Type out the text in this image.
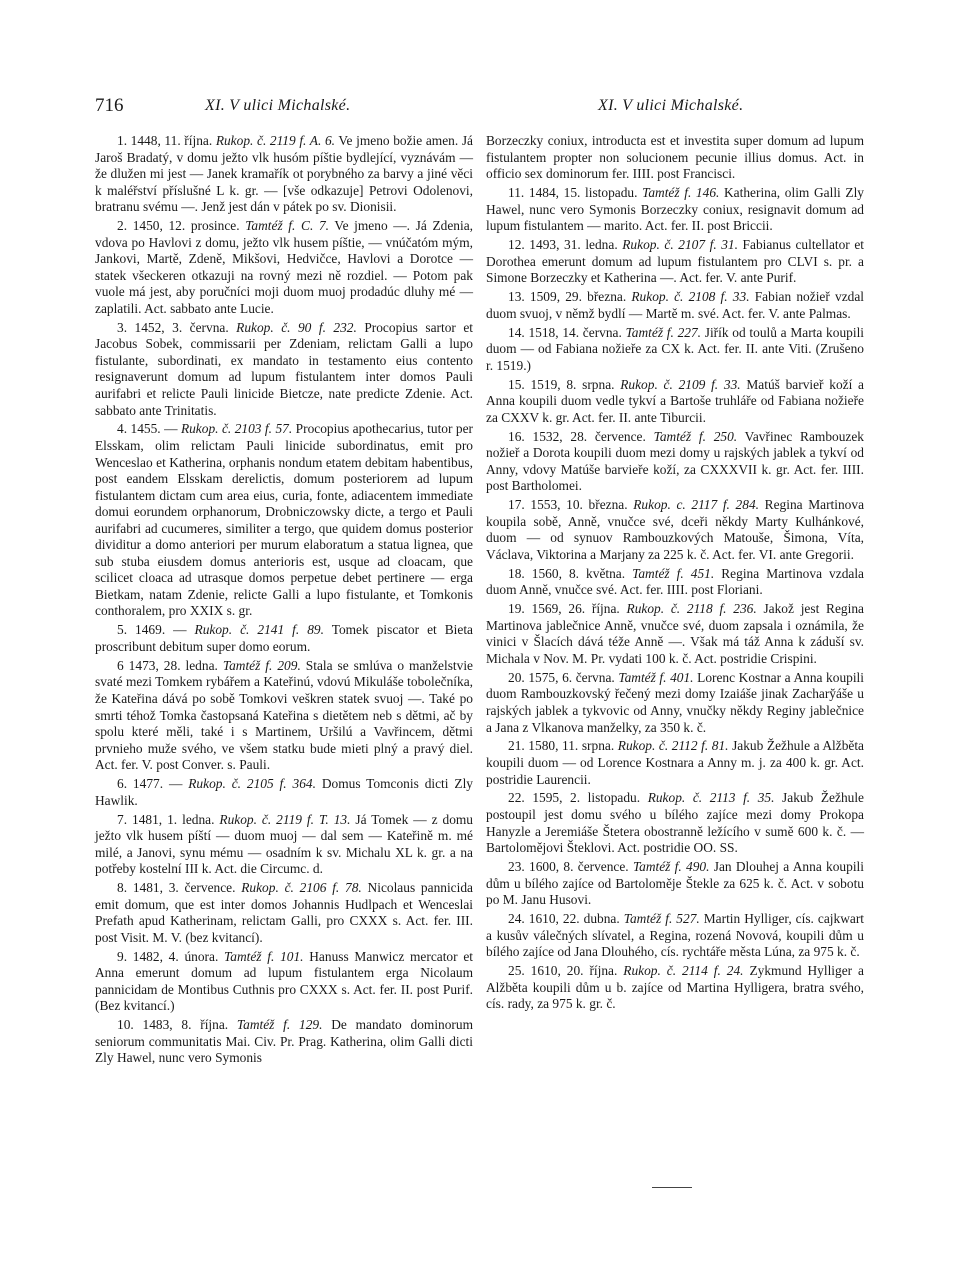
716	XI. V ulici Michalské.	XI. V ulici Michalské.

1. 1448, 11. října. Rukop. č. 2119 f. A. 6. Ve jmeno božie amen. Já Jaroš Bradatý, v domu ježto vlk husóm píštie bydlející, vyznávám — že dlužen mi jest — Janek kramařík ot porybného za barvy a jiné věci k maléřství příslušné L k. gr. — [vše odkazuje] Petrovi Odolenovi, bratranu svému —. Jenž jest dán v pátek po sv. Dionisii.

2. 1450, 12. prosince. Tamtéž f. C. 7. Ve jmeno —. Já Zdenia, vdova po Havlovi z domu, ježto vlk husem píštie, — vnúčatóm mým, Jankovi, Martě, Zdeně, Mikšovi, Hedvičce, Havlovi a Dorotce — statek všeckeren otkazuji na rovný mezi ně rozdiel. — Potom pak vuole má jest, aby poručníci moji duom muoj prodadúc dluhy mé — zaplatili. Act. sabbato ante Lucie.

3. 1452, 3. června. Rukop. č. 90 f. 232. Procopius sartor et Jacobus Sobek, commissarii per Zdeniam, relictam Galli a lupo fistulante, subordinati, ex mandato in testamento eius contento resignaverunt domum ad lupum fistulantem inter domos Pauli aurifabri et relicte Pauli linicide Bietcze, nate predicte Zdenie. Act. sabbato ante Trinitatis.

4. 1455. — Rukop. č. 2103 f. 57. Procopius apothecarius, tutor per Elsskam, olim relictam Pauli linicide subordinatus, emit pro Wenceslao et Katherina, orphanis nondum etatem debitam habentibus, post eandem Elsskam derelictis, domum posteriorem ad lupum fistulantem dictam cum area eius, curia, fonte, adiacentem immediate domui eorundem orphanorum, Drobniczowsky dicte, a tergo et Pauli aurifabri ad cucumeres, similiter a tergo, que quidem domus posterior dividitur a domo anteriori per murum elaboratum a statua lignea, que sub stuba eiusdem domus anterioris est, usque ad cloacam, que scilicet cloaca ad utrasque domos perpetue debet pertinere — erga Bietkam, natam Zdenie, relicte Galli a lupo fistulante, et Tomkonis conthoralem, pro XXIX s. gr.

5. 1469. — Rukop. č. 2141 f. 89. Tomek piscator et Bieta proscribunt debitum super domo eorum.

6 1473, 28. ledna. Tamtéž f. 209. Stala se smlúva o manželstvie svaté mezi Tomkem rybářem a Kateřinú, vdovú Mikuláše tobolečníka, že Kateřina dává po sobě Tomkovi veškren statek svuoj —. Také po smrti téhož Tomka častopsaná Kateřina s dietětem neb s dětmi, ač by spolu které měli, také i s Martinem, Uršilú a Vavřincem, dětmi prvnieho muže svého, ve všem statku bude mieti plný a pravý diel. Act. fer. V. post Conver. s. Pauli.

6. 1477. — Rukop. č. 2105 f. 364. Domus Tomconis dicti Zly Hawlik.

7. 1481, 1. ledna. Rukop. č. 2119 f. T. 13. Já Tomek — z domu ježto vlk husem píští — duom muoj — dal sem — Kateřině m. mé milé, a Janovi, synu mému — osadním k sv. Michalu XL k. gr. a na potřeby kostelní III k. Act. die Circumc. d.

8. 1481, 3. července. Rukop. č. 2106 f. 78. Nicolaus pannicida emit domum, que est inter domos Johannis Hudlpach et Wenceslai Prefath apud Katherinam, relictam Galli, pro CXXX s. Act. fer. III. post Visit. M. V. (bez kvitancí).

9. 1482, 4. února. Tamtéž f. 101. Hanuss Manwicz mercator et Anna emerunt domum ad lupum fistulantem erga Nicolaum pannicidam de Montibus Cuthnis pro CXXX s. Act. fer. II. post Purif. (Bez kvitancí.)

10. 1483, 8. října. Tamtéž f. 129. De mandato dominorum seniorum communitatis Mai. Civ. Pr. Prag. Katherina, olim Galli dicti Zly Hawel, nunc vero Symonis

Borzeczky coniux, introducta est et investita super domum ad lupum fistulantem propter non solucionem pecunie illius domus. Act. in officio sex dominorum fer. IIII. post Francisci.

11. 1484, 15. listopadu. Tamtéž f. 146. Katherina, olim Galli Zly Hawel, nunc vero Symonis Borzeczky coniux, resignavit domum ad lupum fistulantem — marito. Act. fer. II. post Briccii.

12. 1493, 31. ledna. Rukop. č. 2107 f. 31. Fabianus cultellator et Dorothea emerunt domum ad lupum fistulantem pro CLVI s. pr. a Simone Borzeczky et Katherina —. Act. fer. V. ante Purif.

13. 1509, 29. března. Rukop. č. 2108 f. 33. Fabian nožieř vzdal duom svuoj, v němž bydlí — Martě m. své. Act. fer. V. ante Palmas.

14. 1518, 14. června. Tamtéž f. 227. Jiřík od toulů a Marta koupili duom — od Fabiana nožieře za CX k. Act. fer. II. ante Viti. (Zrušeno r. 1519.)

15. 1519, 8. srpna. Rukop. č. 2109 f. 33. Matúš barvieř koží a Anna koupili duom vedle tykví a Bartoše truhláře od Fabiana nožieře za CXXV k. gr. Act. fer. II. ante Tiburcii.

16. 1532, 28. července. Tamtéž f. 250. Vavřinec Rambouzek nožieř a Dorota koupili duom mezi domy u rajských jablek a tykví od Anny, vdovy Matúše barvieře koží, za CXXXVII k. gr. Act. fer. IIII. post Bartholomei.

17. 1553, 10. března. Rukop. c. 2117 f. 284. Regina Martinova koupila sobě, Anně, vnučce své, dceři někdy Marty Kulhánkové, duom — od synuov Rambouzkových Matouše, Šimona, Víta, Václava, Viktorina a Marjany za 225 k. č. Act. fer. VI. ante Gregorii.

18. 1560, 8. května. Tamtéž f. 451. Regina Martinova vzdala duom Anně, vnučce své. Act. fer. IIII. post Floriani.

19. 1569, 26. října. Rukop. č. 2118 f. 236. Jakož jest Regina Martinova jablečnice Anně, vnučce své, duom zapsala i oznámila, že vinici v Šlacích dává téže Anně —. Však má táž Anna k záduší sv. Michala v Nov. M. Pr. vydati 100 k. č. Act. postridie Crispini.

20. 1575, 6. června. Tamtéž f. 401. Lorenc Kostnar a Anna koupili duom Rambouzkovský řečený mezi domy Izaiáše jinak Zachary̆áše u rajských jablek a tykvovic od Anny, vnučky někdy Reginy jablečnice a Jana z Vlkanova manželky, za 350 k. č.

21. 1580, 11. srpna. Rukop. č. 2112 f. 81. Jakub Žežhule a Alžběta koupili duom — od Lorence Kostnara a Anny m. j. za 400 k. gr. Act. postridie Laurencii.

22. 1595, 2. listopadu. Rukop. č. 2113 f. 35. Jakub Žežhule postoupil jest domu svého u bílého zajíce mezi domy Prokopa Hanyzle a Jeremiáše Štetera obostranně ležícího v sumě 600 k. č. — Bartolomějovi Šteklovi. Act. postridie OO. SS.

23. 1600, 8. července. Tamtéž f. 490. Jan Dlouhej a Anna koupili dům u bílého zajíce od Bartoloměje Štekle za 625 k. č. Act. v sobotu po M. Janu Husovi.

24. 1610, 22. dubna. Tamtéž f. 527. Martin Hylliger, cís. cajkwart a kusův válečných slívatel, a Regina, rozená Novová, koupili dům u bílého zajíce od Jana Dlouhého, cís. rychtáře města Lúna, za 975 k. č.

25. 1610, 20. října. Rukop. č. 2114 f. 24. Zykmund Hylliger a Alžběta koupili dům u b. zajíce od Martina Hylligera, bratra svého, cís. rady, za 975 k. gr. č.
